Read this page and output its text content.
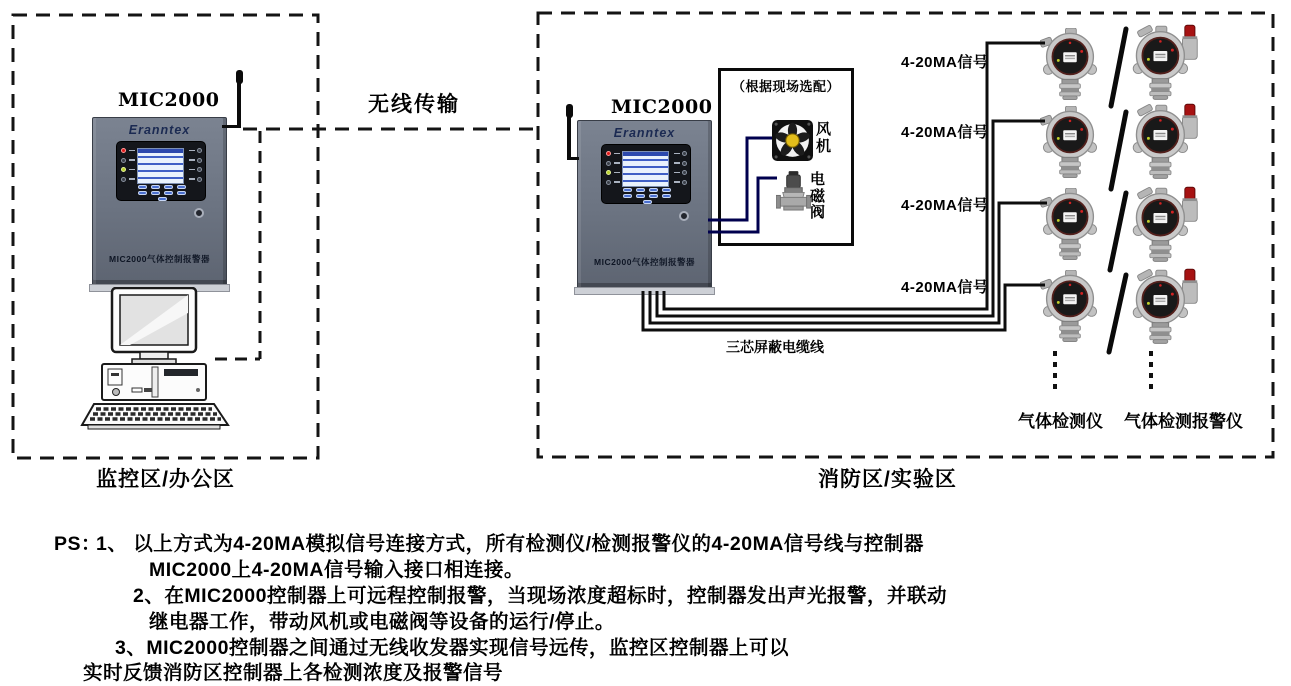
MIC2000
Eranntex
MIC2000气体控制报警器
监控区/办公区
无线传输	MIC2000
Eranntex
MIC2000气体控制报警器
（根据现场选配）
风机
电磁阀
4-20MA信号
4-20MA信号
4-20MA信号
4-20MA信号
三芯屏蔽电缆线
气体检测仪 气体检测报警仪
消防区/实验区
PS：
1、 以上方式为4-20MA模拟信号连接方式，所有检测仪/检测报警仪的4-20MA信号线与控制器
MIC2000上4-20MA信号输入接口相连接。
2、在MIC2000控制器上可远程控制报警，当现场浓度超标时，控制器发出声光报警，并联动
继电器工作，带动风机或电磁阀等设备的运行/停止。
3、MIC2000控制器之间通过无线收发器实现信号远传，监控区控制器上可以
实时反馈消防区控制器上各检测浓度及报警信号
